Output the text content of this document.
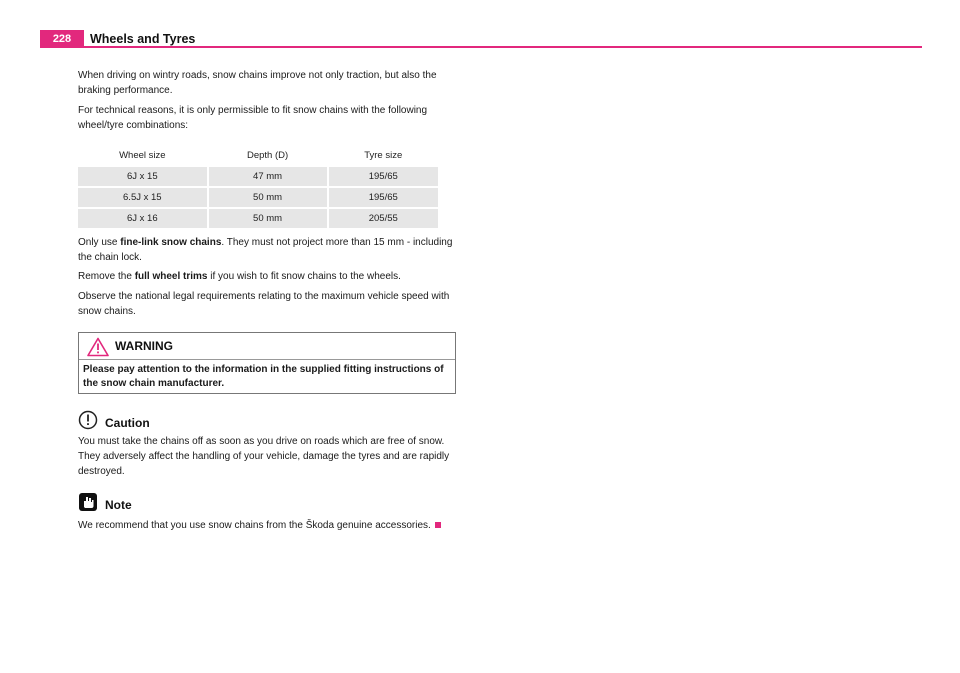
228	Wheels and Tyres

When driving on wintry roads, snow chains improve not only traction, but also the braking performance.

For technical reasons, it is only permissible to fit snow chains with the following wheel/tyre combinations:

Wheel size	Depth (D)	Tyre size
6J x 15	47 mm	195/65
6.5J x 15	50 mm	195/65
6J x 16	50 mm	205/55

Only use fine-link snow chains. They must not project more than 15 mm - including the chain lock.

Remove the full wheel trims if you wish to fit snow chains to the wheels.

Observe the national legal requirements relating to the maximum vehicle speed with snow chains.

WARNING
Please pay attention to the information in the supplied fitting instructions of the snow chain manufacturer.
Caution

You must take the chains off as soon as you drive on roads which are free of snow. They adversely affect the handling of your vehicle, damage the tyres and are rapidly destroyed.

Note

We recommend that you use snow chains from the Škoda genuine accessories.
